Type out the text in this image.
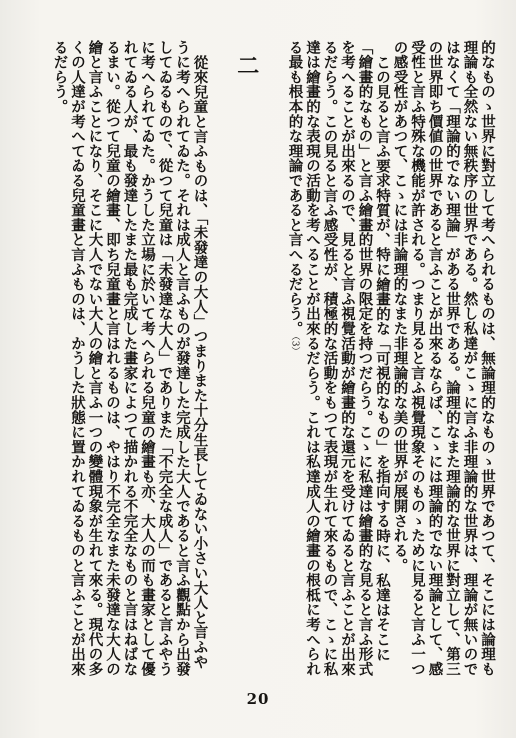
的なものゝ世界に對立して考へられるものは、無論理的なものゝ世界であつて、そこには論理も理論も全然ない無秩序の世界である。然し私達がこゝに言ふ非理論的な世界は、理論が無いのではなくて「理論的でない理論」がある世界である。論理的なまた理論的な世界に對立して、第三の世界即ち價値の世界であると言ふことが出來るならば、こゝには理論的でない理論として、感受性と言ふ特殊な機能が許される。つまり見ると言ふ視覺現象そのものゝために見ると言ふ一つの感受性があつて、こゝには非論理的なまた非理論的な美の世界が展開される。

この見ると言ふ要求特質が、特に繪畫的な「可視的なもの」を指向する時に、私達はそこに「繪畫的なもの」と言ふ繪畫的世界の限定を持つだらう。こゝに私達は繪畫的な見ると言ふ形式を考へることが出來るので、見ると言ふ視覺活動が繪畫的な還元を受けてゐると言ふことが出來るだらう。この見ると言ふ感受性が、積極的な活動をもつて表現が生れて來るもので、こゝに私達は繪畫的な表現の活動を考へることが出來るだらう。これは私達成人の繪畫の根柢に考へられる最も根本的な理論であると言へるだらう。（3）

二

從來兒童と言ふものは、「未發達の大人」つまりまた十分生長してゐない小さい大人と言ふやうに考へられてゐた。それは成人と言ふものが發達した完成した大人であると言ふ觀點から出發してゐるもので、從つて兒童は「未發達な大人」でありまた「不完全な成人」であると言ふやうに考へられてゐた。かうした立場に於いて考へられる兒童の繪畫も亦、大人の而も畫家として優れてゐる人が、最も發達したまた最も完成した畫家によつて描かれる不完全なものと言はねばなるまい。從つて兒童の繪畫、即ち兒童畫と言はれるものは、やはり不完全なまた未發達な大人の繪と言ふことになり、そこに大人でない大人の繪と言ふ一つの變體現象が生れて來る。現代の多くの人達が考へてゐる兒童畫と言ふものは、かうした狀態に置かれてゐるものと言ふことが出來るだらう。

20
